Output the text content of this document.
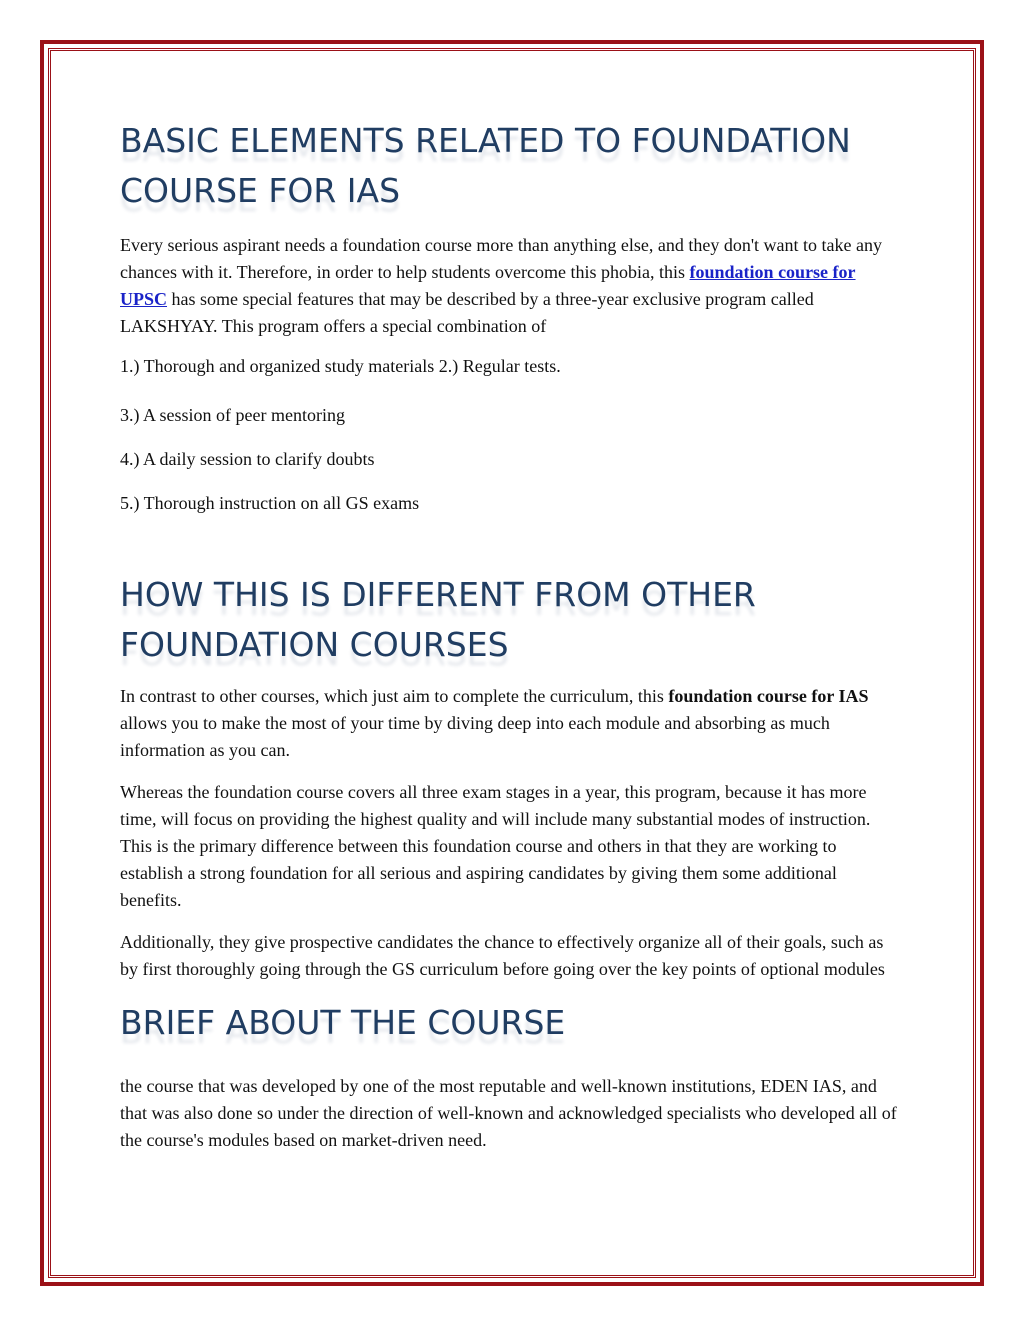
BASIC ELEMENTS RELATED TO FOUNDATION COURSE FOR IAS

Every serious aspirant needs a foundation course more than anything else, and they don't want to take any chances with it. Therefore, in order to help students overcome this phobia, this foundation course for UPSC has some special features that may be described by a three-year exclusive program called LAKSHYAY. This program offers a special combination of

1.) Thorough and organized study materials 2.) Regular tests.

3.) A session of peer mentoring

4.) A daily session to clarify doubts

5.) Thorough instruction on all GS exams

HOW THIS IS DIFFERENT FROM OTHER FOUNDATION COURSES

In contrast to other courses, which just aim to complete the curriculum, this foundation course for IAS allows you to make the most of your time by diving deep into each module and absorbing as much information as you can.

Whereas the foundation course covers all three exam stages in a year, this program, because it has more time, will focus on providing the highest quality and will include many substantial modes of instruction. This is the primary difference between this foundation course and others in that they are working to establish a strong foundation for all serious and aspiring candidates by giving them some additional benefits.

Additionally, they give prospective candidates the chance to effectively organize all of their goals, such as by first thoroughly going through the GS curriculum before going over the key points of optional modules

BRIEF ABOUT THE COURSE

the course that was developed by one of the most reputable and well-known institutions, EDEN IAS, and that was also done so under the direction of well-known and acknowledged specialists who developed all of the course's modules based on market-driven need.
